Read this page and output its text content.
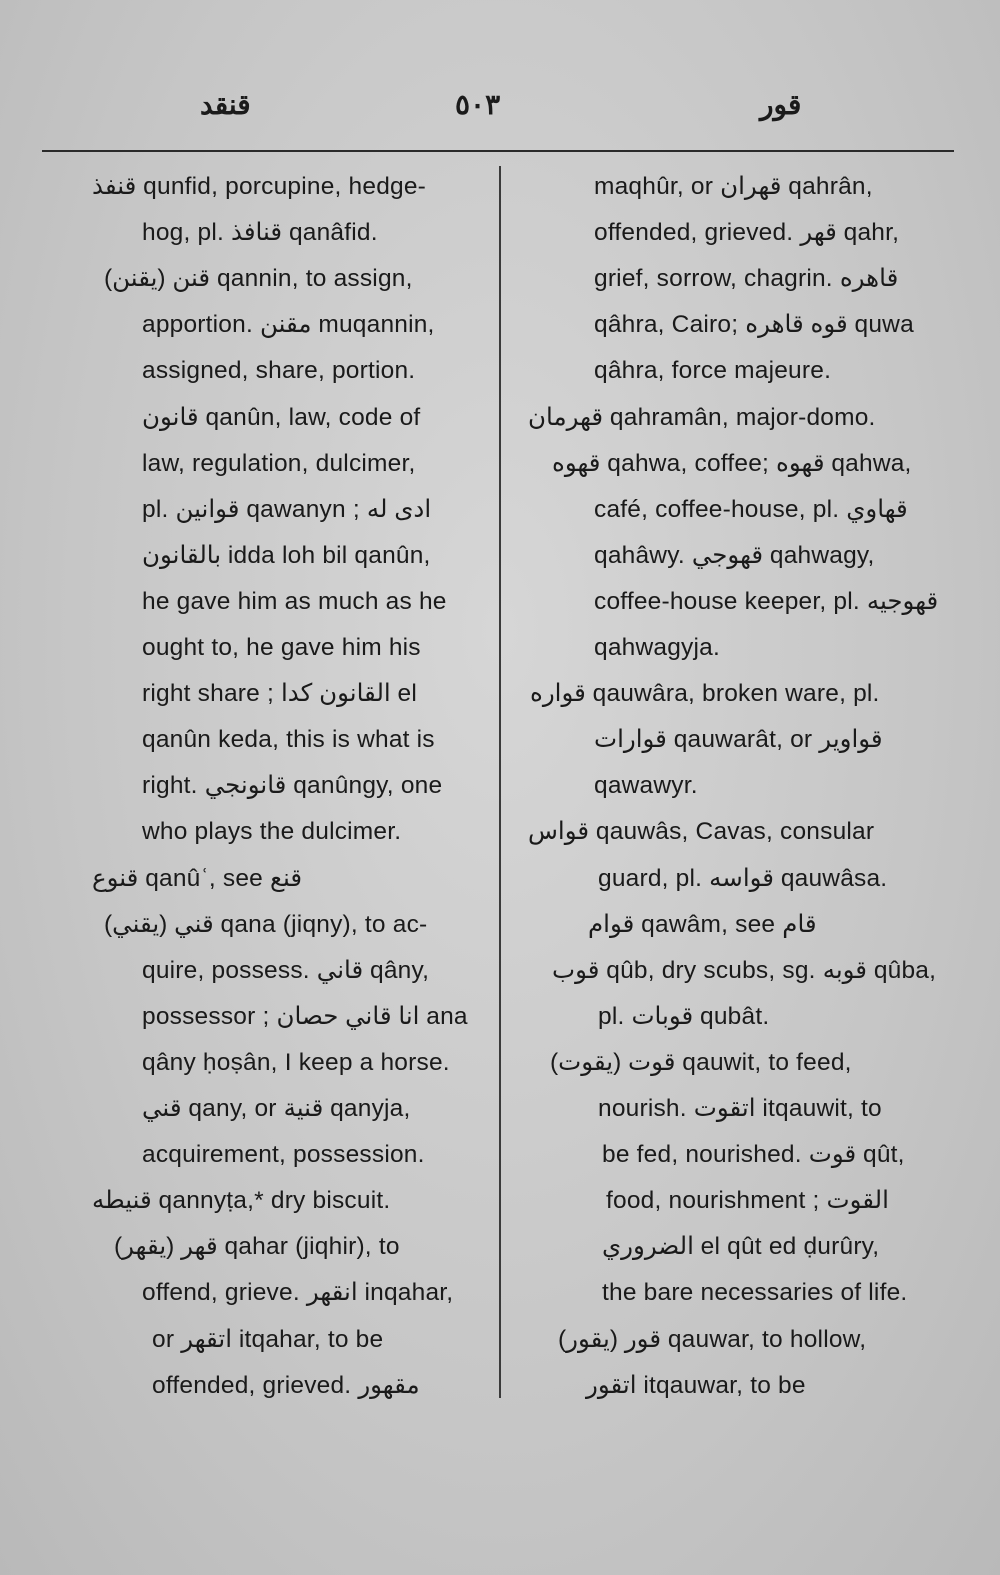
قنقد	٥٠٣	قور
قنفذ qunfid, porcupine, hedge-
hog, pl. قنافذ qanâfid.
قنن (يقنن) qannin, to assign,
apportion. مقنن muqannin,
assigned, share, portion.
قانون qanûn, law, code of
law, regulation, dulcimer,
pl. قوانين qawanyn ; ادى له
بالقانون idda loh bil qanûn,
he gave him as much as he
ought to, he gave him his
right share ; القانون كدا el
qanûn keda, this is what is
right. قانونجي qanûngy, one
who plays the dulcimer.
قنوع qanûʿ, see قنع
قني (يقني) qana (jiqny), to ac-
quire, possess. قاني qâny,
possessor ; انا قاني حصان ana
qâny ḥoṣân, I keep a horse.
قني qany, or قنية qanyja,
acquirement, possession.
قنيطه qannyṭa,* dry biscuit.
قهر (يقهر) qahar (jiqhir), to
offend, grieve. انقهر inqahar,
or اتقهر itqahar, to be
offended, grieved. مقهور
maqhûr, or قهران qahrân,
offended, grieved. قهر qahr,
grief, sorrow, chagrin. قاهره
qâhra, Cairo; قوه قاهره quwa
qâhra, force majeure.
قهرمان qahramân, major-domo.
قهوه qahwa, coffee; قهوه qahwa,
café, coffee-house, pl. قهاوي
qahâwy. قهوجي qahwagy,
coffee-house keeper, pl. قهوجيه
qahwagyja.
قواره qauwâra, broken ware, pl.
قوارات qauwarât, or قواوير
qawawyr.
قواس qauwâs, Cavas, consular
guard, pl. قواسه qauwâsa.
قوام qawâm, see قام
قوب qûb, dry scubs, sg. قوبه qûba,
pl. قوبات qubât.
قوت (يقوت) qauwit, to feed,
nourish. اتقوت itqauwit, to
be fed, nourished. قوت qût,
food, nourishment ; القوت
الضروري el qût ed ḍurûry,
the bare necessaries of life.
قور (يقور) qauwar, to hollow,
اتقور itqauwar, to be
